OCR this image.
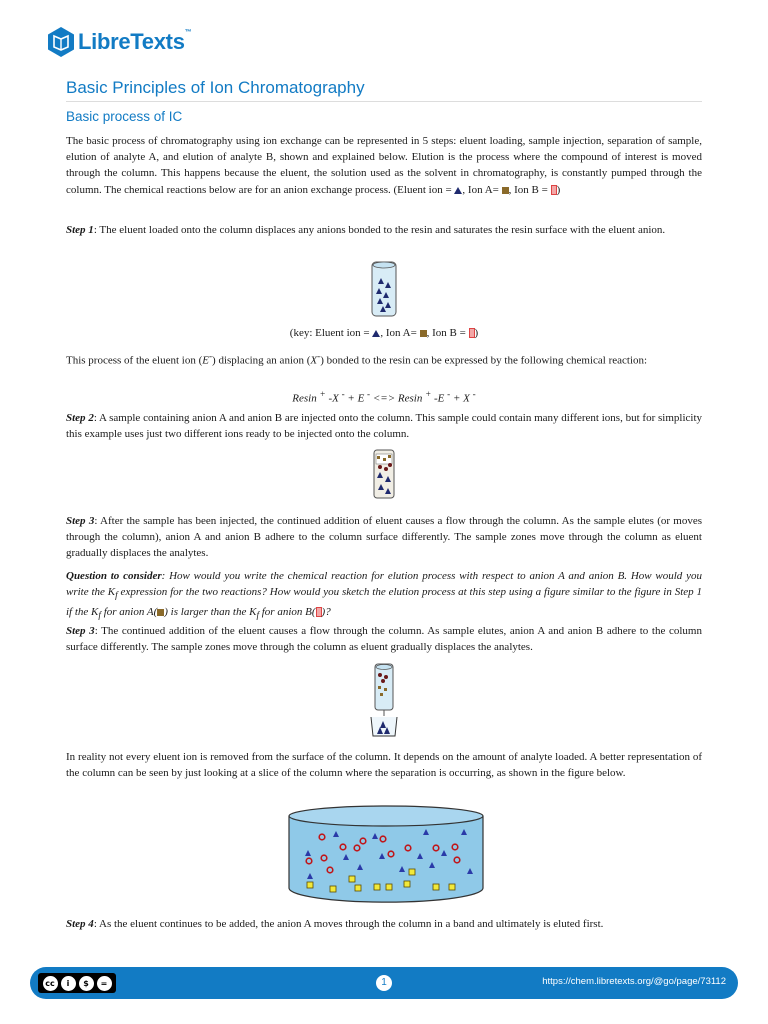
LibreTexts™
Basic Principles of Ion Chromatography
Basic process of IC
The basic process of chromatography using ion exchange can be represented in 5 steps: eluent loading, sample injection, separation of sample, elution of analyte A, and elution of analyte B, shown and explained below. Elution is the process where the compound of interest is moved through the column. This happens because the eluent, the solution used as the solvent in chromatography, is constantly pumped through the column. The chemical reactions below are for an anion exchange process. (Eluent ion = , Ion A= , Ion B = )
Step 1: The eluent loaded onto the column displaces any anions bonded to the resin and saturates the resin surface with the eluent anion.
(key: Eluent ion = , Ion A= , Ion B = )
This process of the eluent ion (E-) displacing an anion (X-) bonded to the resin can be expressed by the following chemical reaction:
Resin + -X - + E - <=> Resin + -E - + X -
Step 2: A sample containing anion A and anion B are injected onto the column. This sample could contain many different ions, but for simplicity this example uses just two different ions ready to be injected onto the column.
Step 3: After the sample has been injected, the continued addition of eluent causes a flow through the column. As the sample elutes (or moves through the column), anion A and anion B adhere to the column surface differently. The sample zones move through the column as eluent gradually displaces the analytes.
Question to consider: How would you write the chemical reaction for elution process with respect to anion A and anion B. How would you write the $K_f$ expression for the two reactions? How would you sketch the elution process at this step using a figure similar to the figure in Step 1 if the $K_f$ for anion A( ) is larger than the $K_f$ for anion B( )?
Step 3: The continued addition of the eluent causes a flow through the column. As sample elutes, anion A and anion B adhere to the column surface differently. The sample zones move through the column as eluent gradually displaces the analytes.
In reality not every eluent ion is removed from the surface of the column. It depends on the amount of analyte loaded. A better representation of the column can be seen by just looking at a slice of the column where the separation is occurring, as shown in the figure below.
Step 4: As the eluent continues to be added, the anion A moves through the column in a band and ultimately is eluted first.
cc	i	$	=	1	https://chem.libretexts.org/@go/page/73112
